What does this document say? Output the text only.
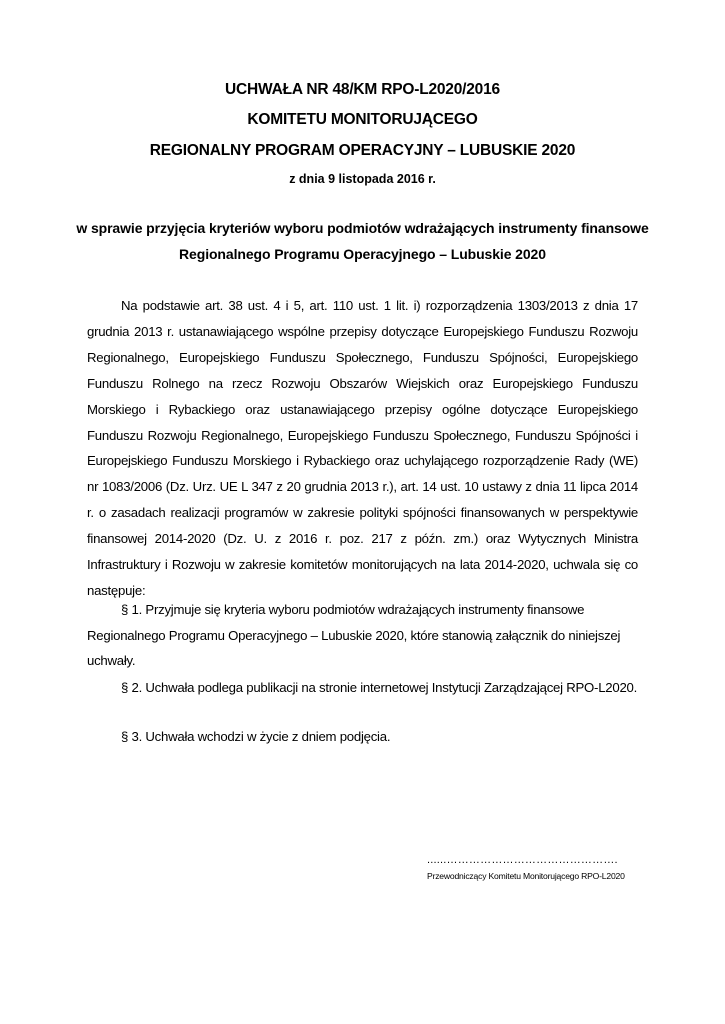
UCHWAŁA NR 48/KM RPO-L2020/2016
KOMITETU MONITORUJĄCEGO
REGIONALNY PROGRAM OPERACYJNY – LUBUSKIE 2020
z dnia 9 listopada 2016 r.
w sprawie przyjęcia kryteriów wyboru podmiotów wdrażających instrumenty finansowe
Regionalnego Programu Operacyjnego – Lubuskie 2020
Na podstawie art. 38 ust. 4 i 5, art. 110 ust. 1 lit. i) rozporządzenia 1303/2013 z dnia 17 grudnia 2013 r. ustanawiającego wspólne przepisy dotyczące Europejskiego Funduszu Rozwoju Regionalnego, Europejskiego Funduszu Społecznego, Funduszu Spójności, Europejskiego Funduszu Rolnego na rzecz Rozwoju Obszarów Wiejskich oraz Europejskiego Funduszu Morskiego i Rybackiego oraz ustanawiającego przepisy ogólne dotyczące Europejskiego Funduszu Rozwoju Regionalnego, Europejskiego Funduszu Społecznego, Funduszu Spójności i Europejskiego Funduszu Morskiego i Rybackiego oraz uchylającego rozporządzenie Rady (WE) nr 1083/2006 (Dz. Urz. UE L 347 z 20 grudnia 2013 r.), art. 14 ust. 10 ustawy z dnia 11 lipca 2014 r. o zasadach realizacji programów w zakresie polityki spójności finansowanych w perspektywie finansowej 2014-2020 (Dz. U. z 2016 r. poz. 217 z późn. zm.) oraz Wytycznych Ministra Infrastruktury i Rozwoju w zakresie komitetów monitorujących na lata 2014-2020, uchwala się co następuje:
§ 1. Przyjmuje się kryteria wyboru podmiotów wdrażających instrumenty finansowe Regionalnego Programu Operacyjnego – Lubuskie 2020, które stanowią załącznik do niniejszej uchwały.
§ 2. Uchwała podlega publikacji na stronie internetowej Instytucji Zarządzającej RPO-L2020.
§ 3. Uchwała wchodzi w życie z dniem podjęcia.
......……………………………………….
Przewodniczący Komitetu Monitorującego RPO-L2020
